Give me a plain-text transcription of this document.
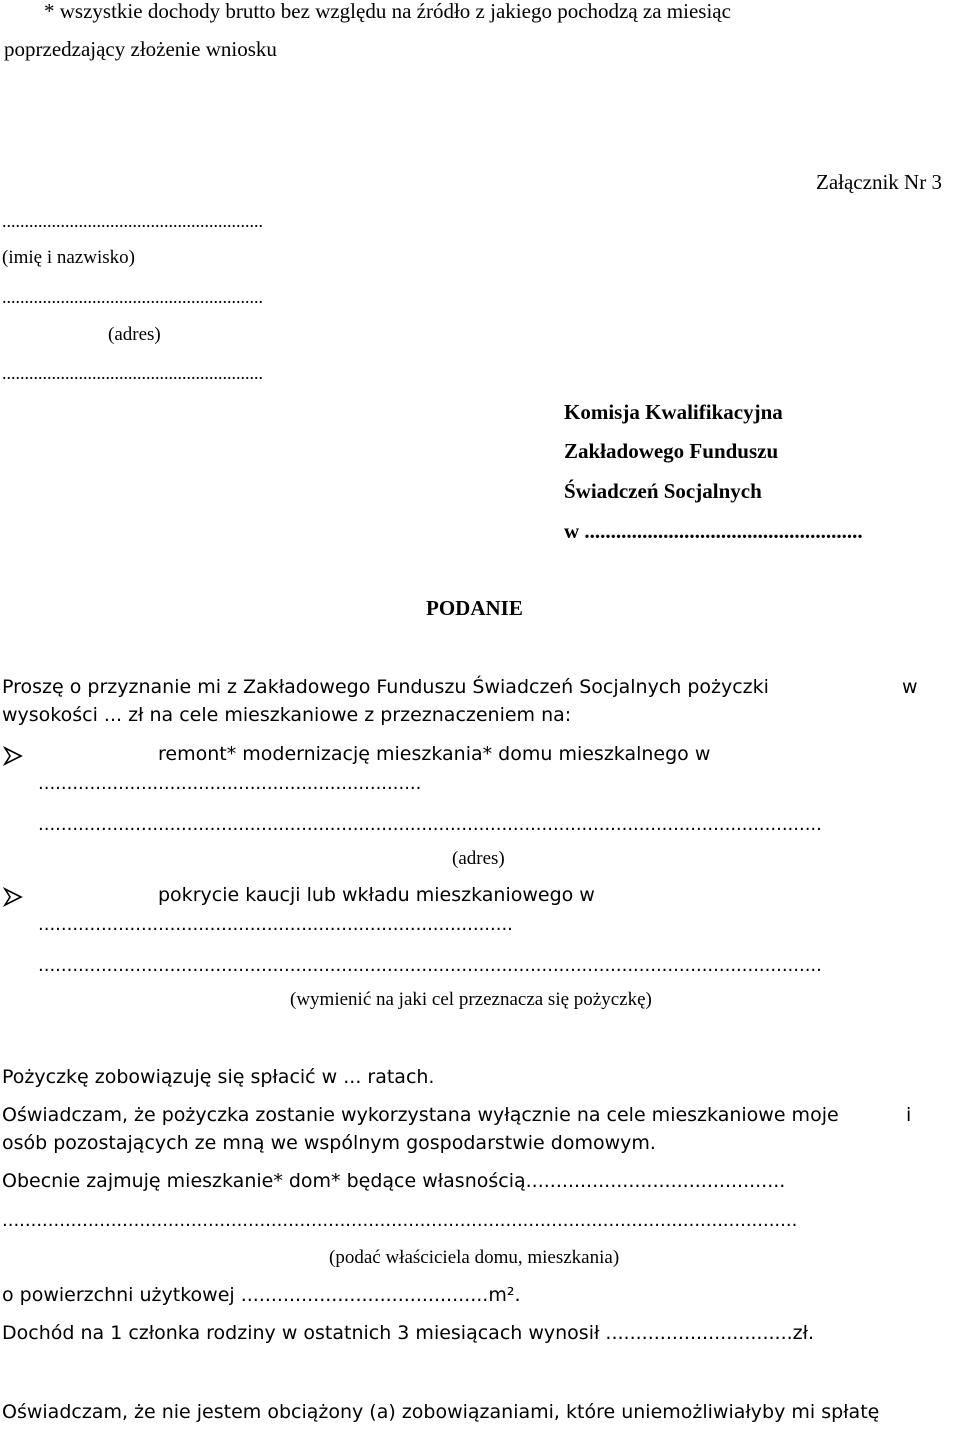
* wszystkie dochody brutto bez względu na źródło z jakiego pochodzą za miesiąc
poprzedzający złożenie wniosku
Załącznik Nr 3
..........................................................
(imię i nazwisko)
..........................................................
(adres)
..........................................................
Komisja Kwalifikacyjna
Zakładowego Funduszu
Świadczeń Socjalnych
w .....................................................
PODANIE
Proszę o przyznanie mi z Zakładowego Funduszu Świadczeń Socjalnych pożyczki	w
wysokości ... zł na cele mieszkaniowe z przeznaczeniem na:
remont* modernizację mieszkania* domu mieszkalnego w
...................................................................
.........................................................................................................................................
(adres)
pokrycie kaucji lub wkładu mieszkaniowego w
...................................................................................
.........................................................................................................................................
(wymienić na jaki cel przeznacza się pożyczkę)
Pożyczkę zobowiązuję się spłacić w ... ratach.
Oświadczam, że pożyczka zostanie wykorzystana wyłącznie na cele mieszkaniowe moje	i
osób pozostających ze mną we wspólnym gospodarstwie domowym.
Obecnie zajmuję mieszkanie* dom* będące własnością...........................................
...........................................................................................................................................
(podać właściciela domu, mieszkania)
o powierzchni użytkowej .........................................m².
Dochód na 1 członka rodziny w ostatnich 3 miesiącach wynosił ...............................zł.
Oświadczam, że nie jestem obciążony (a) zobowiązaniami, które uniemożliwiałyby mi spłatę
